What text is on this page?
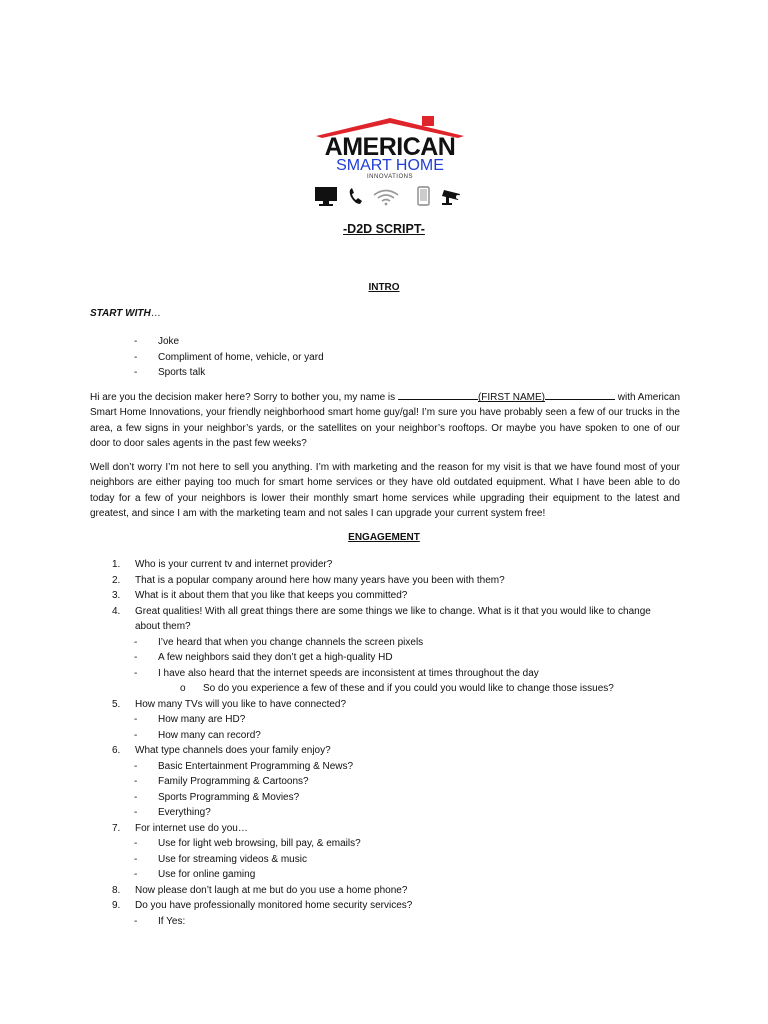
AMERICAN
SMART HOME
INNOVATIONS
-D2D SCRIPT-
INTRO
START WITH…
- Joke
- Compliment of home, vehicle, or yard
- Sports talk
Hi are you the decision maker here? Sorry to bother you, my name is	(FIRST NAME)	with American Smart Home Innovations, your friendly neighborhood smart home guy/gal! I’m sure you have probably seen a few of our trucks in the area, a few signs in your neighbor’s yards, or the satellites on your neighbor’s rooftops. Or maybe you have spoken to one of our door to door sales agents in the past few weeks?
Well don’t worry I’m not here to sell you anything. I’m with marketing and the reason for my visit is that we have found most of your neighbors are either paying too much for smart home services or they have old outdated equipment. What I have been able to do today for a few of your neighbors is lower their monthly smart home services while upgrading their equipment to the latest and greatest, and since I am with the marketing team and not sales I can upgrade your current system free!
ENGAGEMENT
1. Who is your current tv and internet provider?
2. That is a popular company around here how many years have you been with them?
3. What is it about them that you like that keeps you committed?
4. Great qualities! With all great things there are some things we like to change. What is it that you would like to change
about them?
- I’ve heard that when you change channels the screen pixels
- A few neighbors said they don’t get a high-quality HD
- I have also heard that the internet speeds are inconsistent at times throughout the day
o So do you experience a few of these and if you could you would like to change those issues?
5. How many TVs will you like to have connected?
- How many are HD?
- How many can record?
6. What type channels does your family enjoy?
- Basic Entertainment Programming & News?
- Family Programming & Cartoons?
- Sports Programming & Movies?
- Everything?
7. For internet use do you…
- Use for light web browsing, bill pay, & emails?
- Use for streaming videos & music
- Use for online gaming
8. Now please don’t laugh at me but do you use a home phone?
9. Do you have professionally monitored home security services?
- If Yes:
